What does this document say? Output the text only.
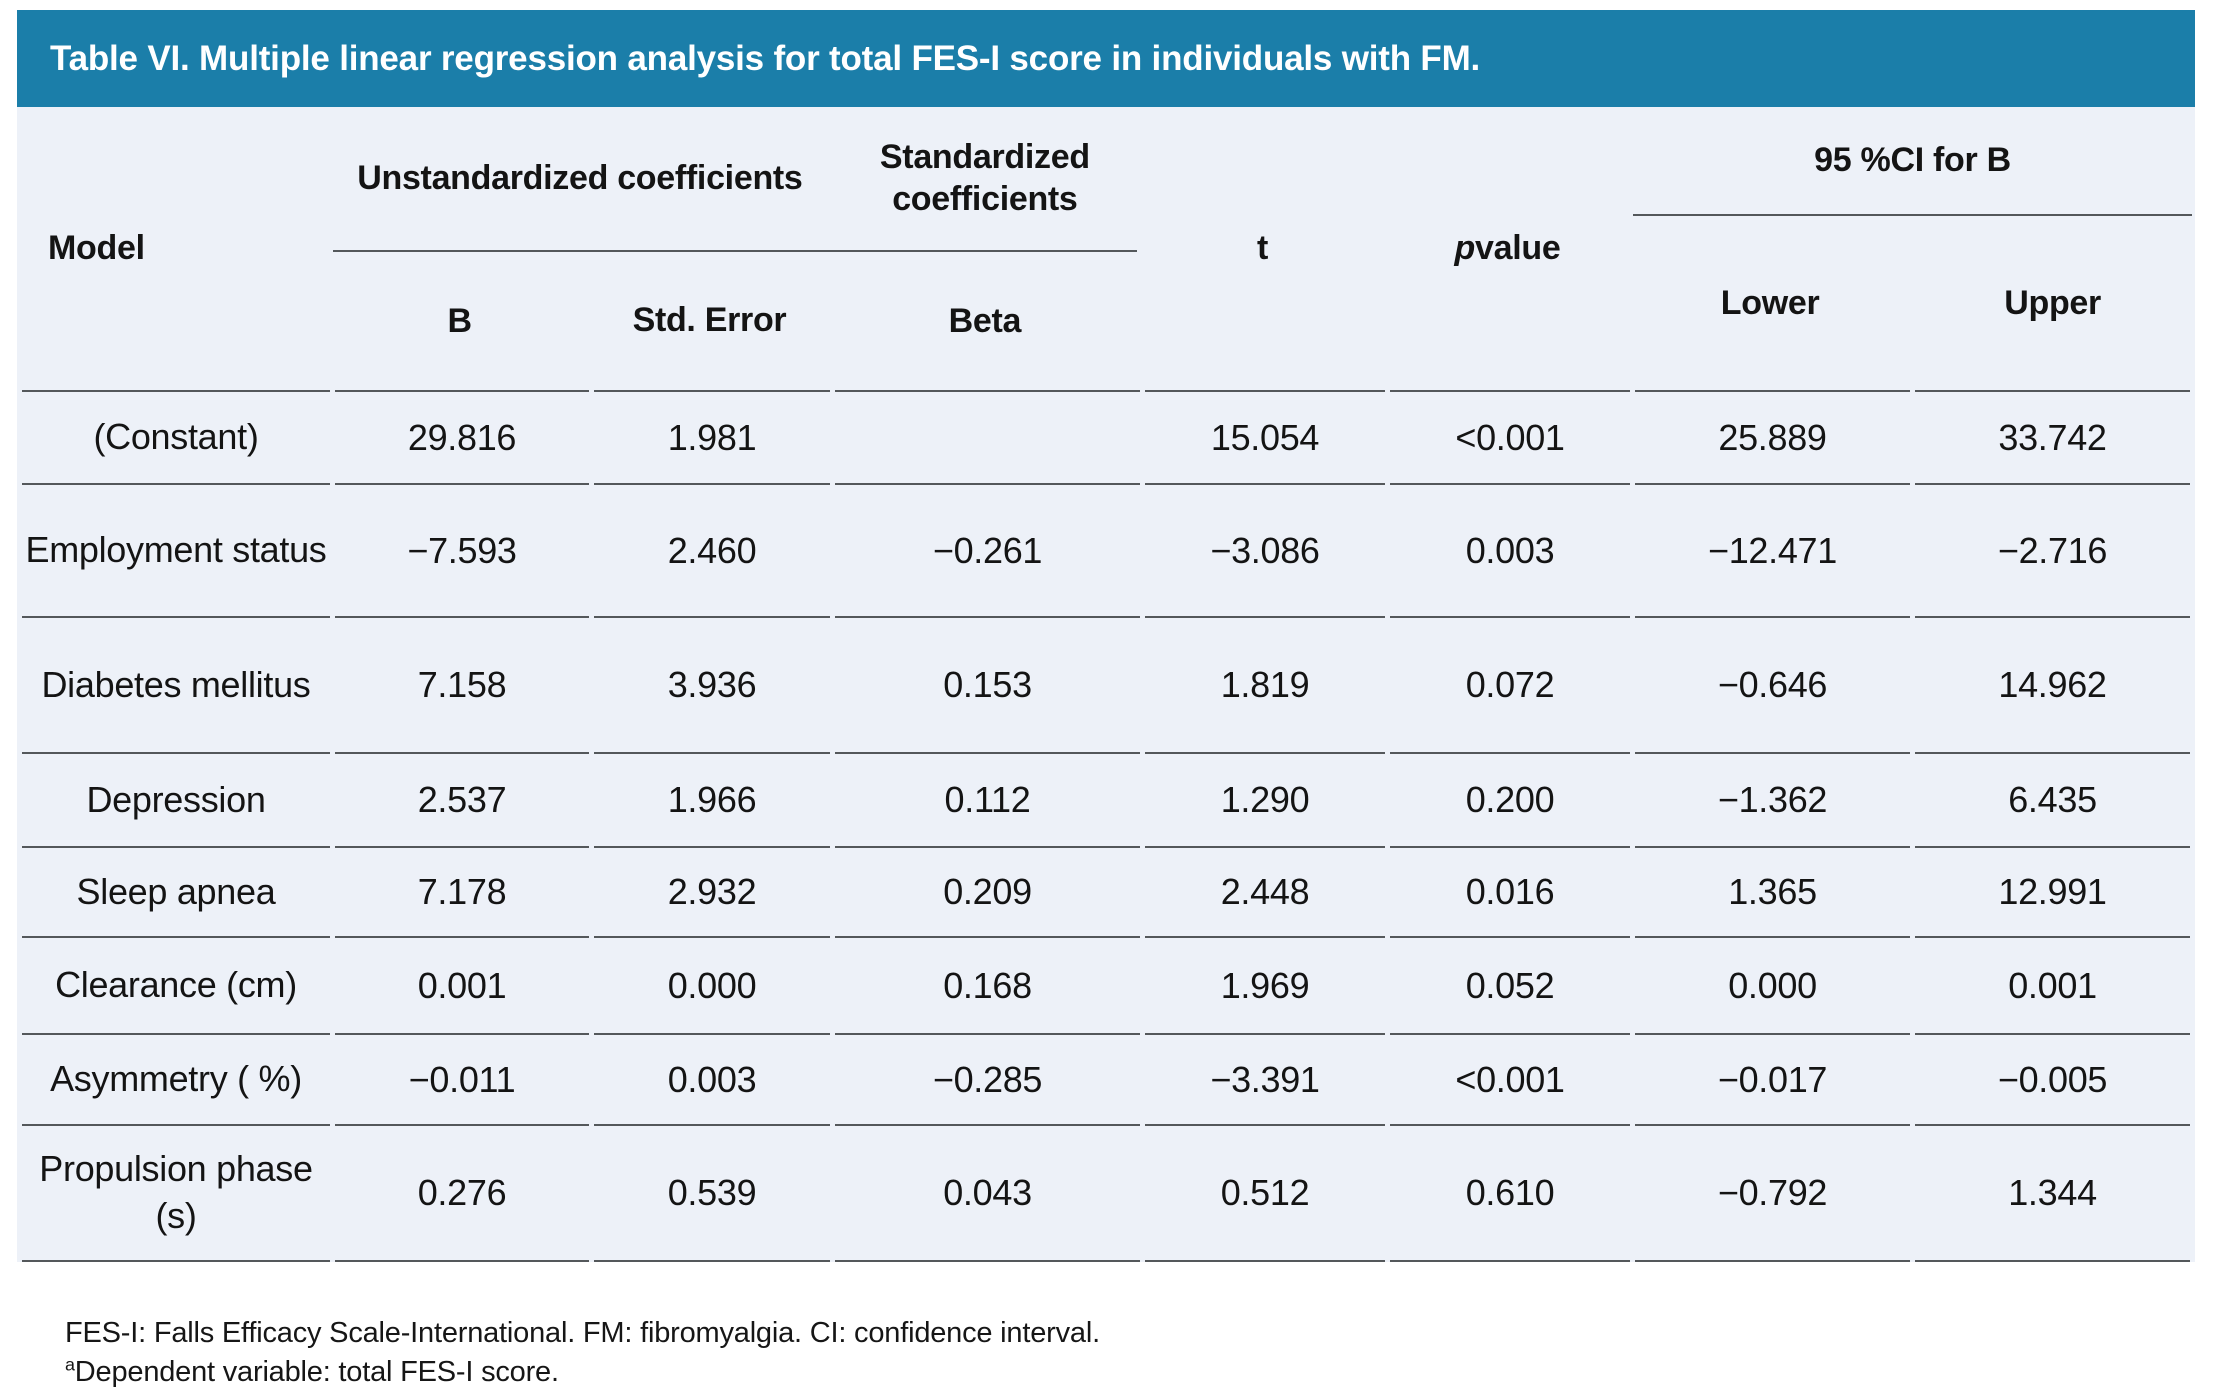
Table VI. Multiple linear regression analysis for total FES-I score in individuals with FM.
Model
Unstandardized coefficients
Standardized coefficients
B	Std. Error	Beta
t	p value
95 %CI for B
Lower	Upper
(Constant)	29.816	1.981		15.054	<0.001	25.889	33.742
Employment status	−7.593	2.460	−0.261	−3.086	0.003	−12.471	−2.716
Diabetes mellitus	7.158	3.936	0.153	1.819	0.072	−0.646	14.962
Depression	2.537	1.966	0.112	1.290	0.200	−1.362	6.435
Sleep apnea	7.178	2.932	0.209	2.448	0.016	1.365	12.991
Clearance (cm)	0.001	0.000	0.168	1.969	0.052	0.000	0.001
Asymmetry ( %)	−0.011	0.003	−0.285	−3.391	<0.001	−0.017	−0.005
Propulsion phase (s)	0.276	0.539	0.043	0.512	0.610	−0.792	1.344

FES-I: Falls Efficacy Scale-International. FM: fibromyalgia. CI: confidence interval.
$^a$Dependent variable: total FES-I score.
